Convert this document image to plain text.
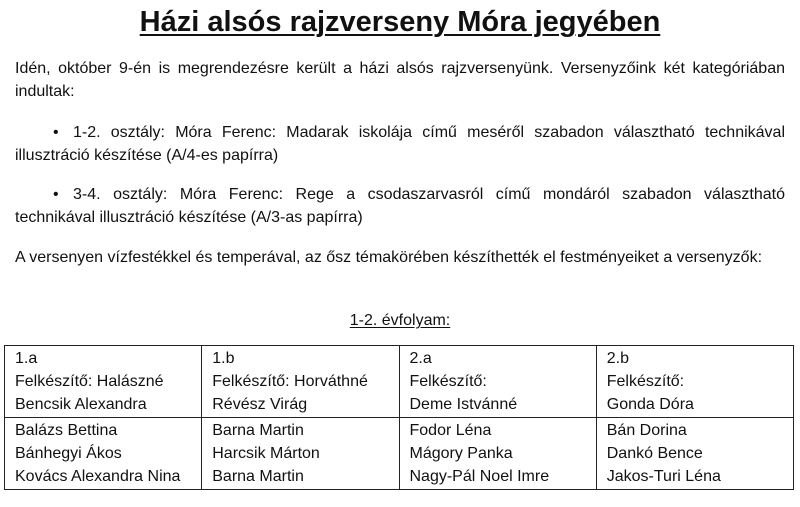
Házi alsós rajzverseny Móra jegyében

Idén, október 9-én is megrendezésre került a házi alsós rajzversenyünk. Versenyzőink két kategóriában indultak:

• 1-2. osztály: Móra Ferenc: Madarak iskolája című meséről szabadon választható technikával illusztráció készítése (A/4-es papírra)

• 3-4. osztály: Móra Ferenc: Rege a csodaszarvasról című mondáról szabadon választható technikával illusztráció készítése (A/3-as papírra)

A versenyen vízfestékkel és temperával, az ősz témakörében készíthették el festményeiket a versenyzők:

1-2. évfolyam:

1.a
Felkészítő: Halászné
Bencsik Alexandra	1.b
Felkészítő: Horváthné
Révész Virág	2.a
Felkészítő:
Deme Istvánné	2.b
Felkészítő:
Gonda Dóra

Balázs Bettina
Bánhegyi Ákos
Kovács Alexandra Nina	Barna Martin
Harcsik Márton
Barna Martin	Fodor Léna
Mágory Panka
Nagy-Pál Noel Imre	Bán Dorina
Dankó Bence
Jakos-Turi Léna
